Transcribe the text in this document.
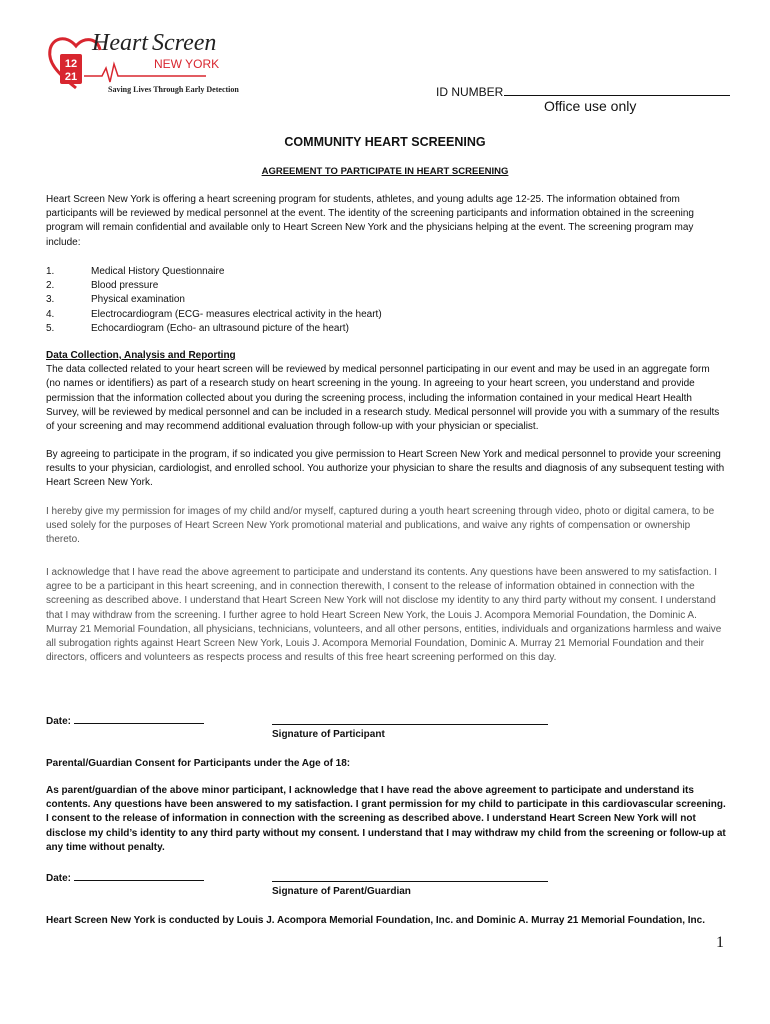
12
21
Heart Screen
NEW YORK
Saving Lives Through Early Detection	ID NUMBER
Office use only
COMMUNITY HEART SCREENING
AGREEMENT TO PARTICIPATE IN HEART SCREENING
Heart Screen New York is offering a heart screening program for students, athletes, and young adults age 12-25. The information obtained from participants will be reviewed by medical personnel at the event. The identity of the screening participants and information obtained in the screening program will remain confidential and available only to Heart Screen New York and the physicians helping at the event. The screening program may include:
1.	Medical History Questionnaire
2.	Blood pressure
3.	Physical examination
4.	Electrocardiogram (ECG- measures electrical activity in the heart)
5.	Echocardiogram (Echo- an ultrasound picture of the heart)
Data Collection, Analysis and Reporting
The data collected related to your heart screen will be reviewed by medical personnel participating in our event and may be used in an aggregate form (no names or identifiers) as part of a research study on heart screening in the young. In agreeing to your heart screen, you understand and provide permission that the information collected about you during the screening process, including the information contained in your medical Heart Health Survey, will be reviewed by medical personnel and can be included in a research study. Medical personnel will provide you with a summary of the results of your screening and may recommend additional evaluation through follow-up with your physician or specialist.
By agreeing to participate in the program, if so indicated you give permission to Heart Screen New York and medical personnel to provide your screening results to your physician, cardiologist, and enrolled school. You authorize your physician to share the results and diagnosis of any subsequent testing with Heart Screen New York.
I hereby give my permission for images of my child and/or myself, captured during a youth heart screening through video, photo or digital camera, to be used solely for the purposes of Heart Screen New York promotional material and publications, and waive any rights of compensation or ownership thereto.
I acknowledge that I have read the above agreement to participate and understand its contents. Any questions have been answered to my satisfaction. I agree to be a participant in this heart screening, and in connection therewith, I consent to the release of information obtained in connection with the screening as described above. I understand that Heart Screen New York will not disclose my identity to any third party without my consent. I understand that I may withdraw from the screening. I further agree to hold Heart Screen New York, the Louis J. Acompora Memorial Foundation, the Dominic A. Murray 21 Memorial Foundation, all physicians, technicians, volunteers, and all other persons, entities, individuals and organizations harmless and waive all subrogation rights against Heart Screen New York, Louis J. Acompora Memorial Foundation, Dominic A. Murray 21 Memorial Foundation and their directors, officers and volunteers as respects process and results of this free heart screening performed on this day.
Date:
Signature of Participant
Parental/Guardian Consent for Participants under the Age of 18:
As parent/guardian of the above minor participant, I acknowledge that I have read the above agreement to participate and understand its contents. Any questions have been answered to my satisfaction. I grant permission for my child to participate in this cardiovascular screening. I consent to the release of information in connection with the screening as described above. I understand Heart Screen New York will not disclose my child’s identity to any third party without my consent. I understand that I may withdraw my child from the screening or follow-up at any time without penalty.
Date:
Signature of Parent/Guardian
Heart Screen New York is conducted by Louis J. Acompora Memorial Foundation, Inc. and Dominic A. Murray 21 Memorial Foundation, Inc.
1
